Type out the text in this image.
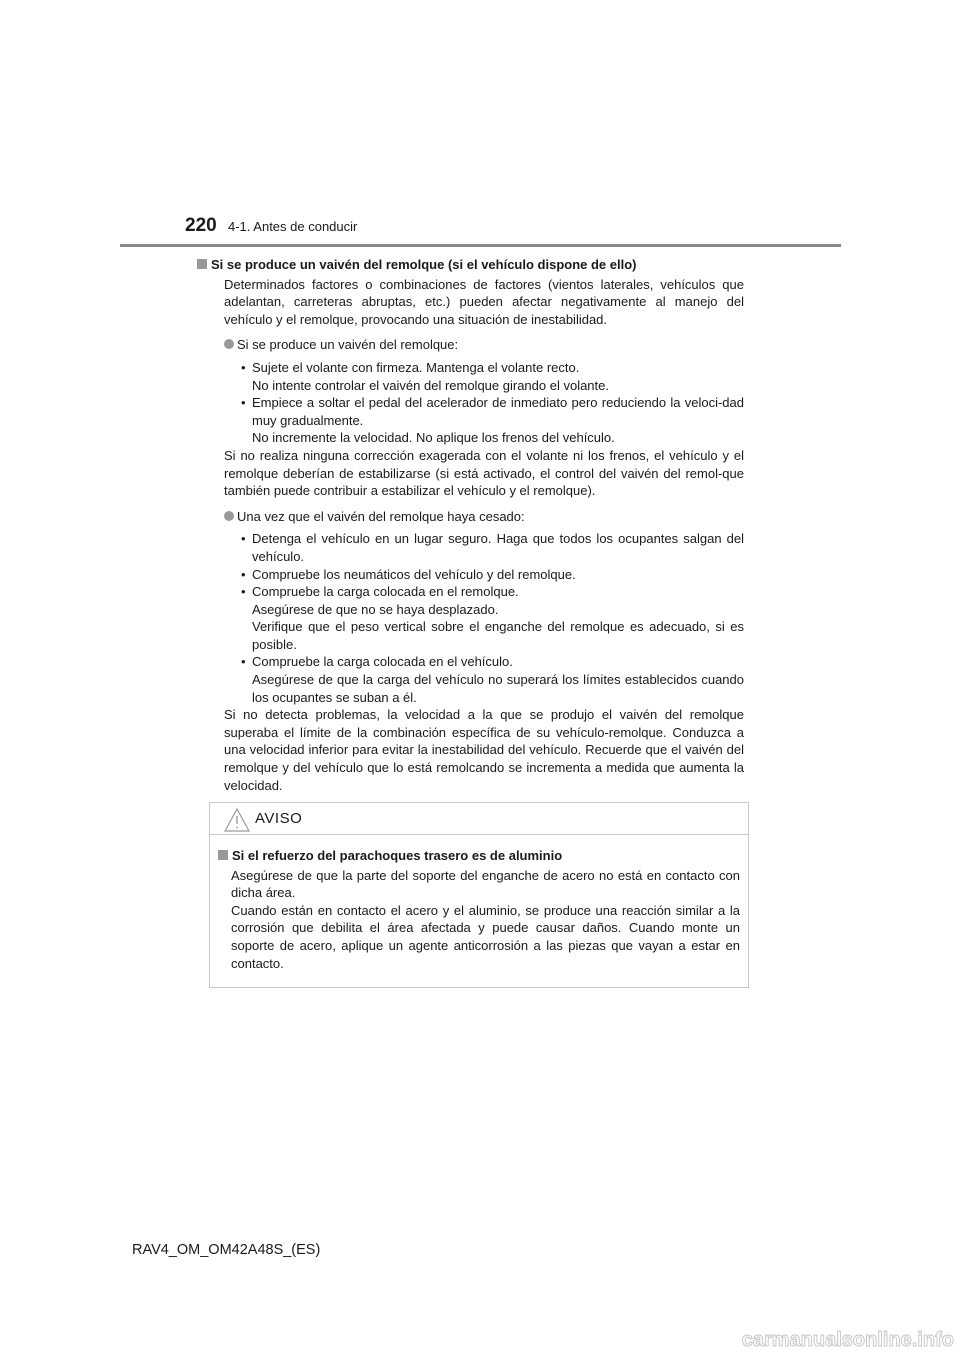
220 4-1. Antes de conducir
Si se produce un vaivén del remolque (si el vehículo dispone de ello)

Determinados factores o combinaciones de factores (vientos laterales, vehículos que adelantan, carreteras abruptas, etc.) pueden afectar negativamente al manejo del vehículo y el remolque, provocando una situación de inestabilidad.

Si se produce un vaivén del remolque:
• Sujete el volante con firmeza. Mantenga el volante recto.
No intente controlar el vaivén del remolque girando el volante.
• Empiece a soltar el pedal del acelerador de inmediato pero reduciendo la veloci-dad muy gradualmente.
No incremente la velocidad. No aplique los frenos del vehículo.

Si no realiza ninguna corrección exagerada con el volante ni los frenos, el vehículo y el remolque deberían de estabilizarse (si está activado, el control del vaivén del remol-que también puede contribuir a estabilizar el vehículo y el remolque).

Una vez que el vaivén del remolque haya cesado:
• Detenga el vehículo en un lugar seguro. Haga que todos los ocupantes salgan del vehículo.
• Compruebe los neumáticos del vehículo y del remolque.
• Compruebe la carga colocada en el remolque.
Asegúrese de que no se haya desplazado.
Verifique que el peso vertical sobre el enganche del remolque es adecuado, si es posible.
• Compruebe la carga colocada en el vehículo.
Asegúrese de que la carga del vehículo no superará los límites establecidos cuando los ocupantes se suban a él.

Si no detecta problemas, la velocidad a la que se produjo el vaivén del remolque superaba el límite de la combinación específica de su vehículo-remolque. Conduzca a una velocidad inferior para evitar la inestabilidad del vehículo. Recuerde que el vaivén del remolque y del vehículo que lo está remolcando se incrementa a medida que aumenta la velocidad.

AVISO
Si el refuerzo del parachoques trasero es de aluminio

Asegúrese de que la parte del soporte del enganche de acero no está en contacto con dicha área.

Cuando están en contacto el acero y el aluminio, se produce una reacción similar a la corrosión que debilita el área afectada y puede causar daños. Cuando monte un soporte de acero, aplique un agente anticorrosión a las piezas que vayan a estar en contacto.

RAV4_OM_OM42A48S_(ES)
carmanualsonline.info
